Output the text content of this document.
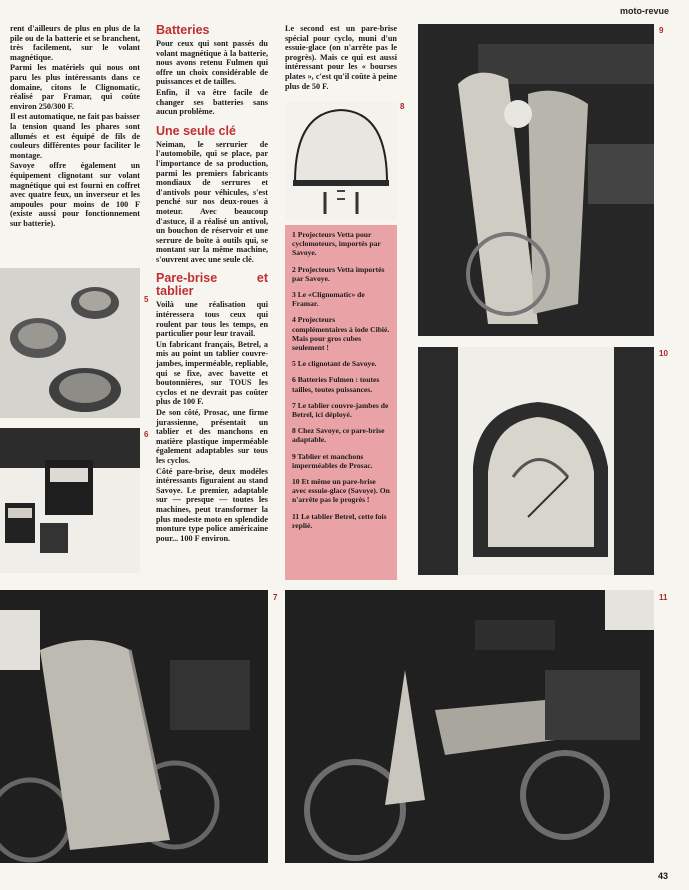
moto-revue

rent d'ailleurs de plus en plus de la pile ou de la batterie et se branchent, très facilement, sur le volant magnétique.

Parmi les matériels qui nous ont paru les plus intéressants dans ce domaine, citons le Clignomatic, réalisé par Framar, qui coûte environ 250/300 F.

Il est automatique, ne fait pas baisser la tension quand les phares sont allumés et est équipé de fils de couleurs différentes pour faciliter le montage.

Savoye offre également un équipement clignotant sur volant magnétique qui est fourni en coffret avec quatre feux, un inverseur et les ampoules pour moins de 100 F (existe aussi pour fonctionnement sur batterie).

5
6
Batteries

Pour ceux qui sont passés du volant magnétique à la batterie, nous avons retenu Fulmen qui offre un choix considérable de puissances et de tailles.

Enfin, il va être facile de changer ses batteries sans aucun problème.

Une seule clé

Neiman, le serrurier de l'automobile, qui se place, par l'importance de sa production, parmi les premiers fabricants mondiaux de serrures et d'antivols pour véhicules, s'est penché sur nos deux-roues à moteur. Avec beaucoup d'astuce, il a réalisé un antivol, un bouchon de réservoir et une serrure de boîte à outils qui, se montant sur la même machine, s'ouvrent avec une seule clé.

Pare-brise et tablier

Voilà une réalisation qui intéressera tous ceux qui roulent par tous les temps, en particulier pour leur travail.

Un fabricant français, Betrel, a mis au point un tablier couvre-jambes, imperméable, repliable, qui se fixe, avec bavette et boutonnières, sur TOUS les cyclos et ne devrait pas coûter plus de 100 F.

De son côté, Prosac, une firme jurassienne, présentait un tablier et des manchons en matière plastique imperméable également adaptables sur tous les cyclos.

Côté pare-brise, deux modèles intéressants figuraient au stand Savoye. Le premier, adaptable sur — presque — toutes les machines, peut transformer la plus modeste moto en splendide monture type police américaine pour... 100 F environ.

Le second est un pare-brise spécial pour cyclo, muni d'un essuie-glace (on n'arrête pas le progrès). Mais ce qui est aussi intéressant pour les « bourses plates », c'est qu'il coûte à peine plus de 50 F.

8

1 Projecteurs Vetta pour cyclomoteurs, importés par Savoye.

2 Projecteurs Vetta importés par Savoye.

3 Le «Clignomatic» de Framar.

4 Projecteurs complémentaires à iode Cibié. Mais pour gros cubes seulement !

5 Le clignotant de Savoye.

6 Batteries Fulmen : toutes tailles, toutes puissances.

7 Le tablier couvre-jambes de Betrel, ici déployé.

8 Chez Savoye, ce pare-brise adaptable.

9 Tablier et manchons imperméables de Prosac.

10 Et même un pare-brise avec essuie-glace (Savoye). On n'arrête pas le progrès !

11 Le tablier Betrel, cette fois replié.

9
10
7	11
43
